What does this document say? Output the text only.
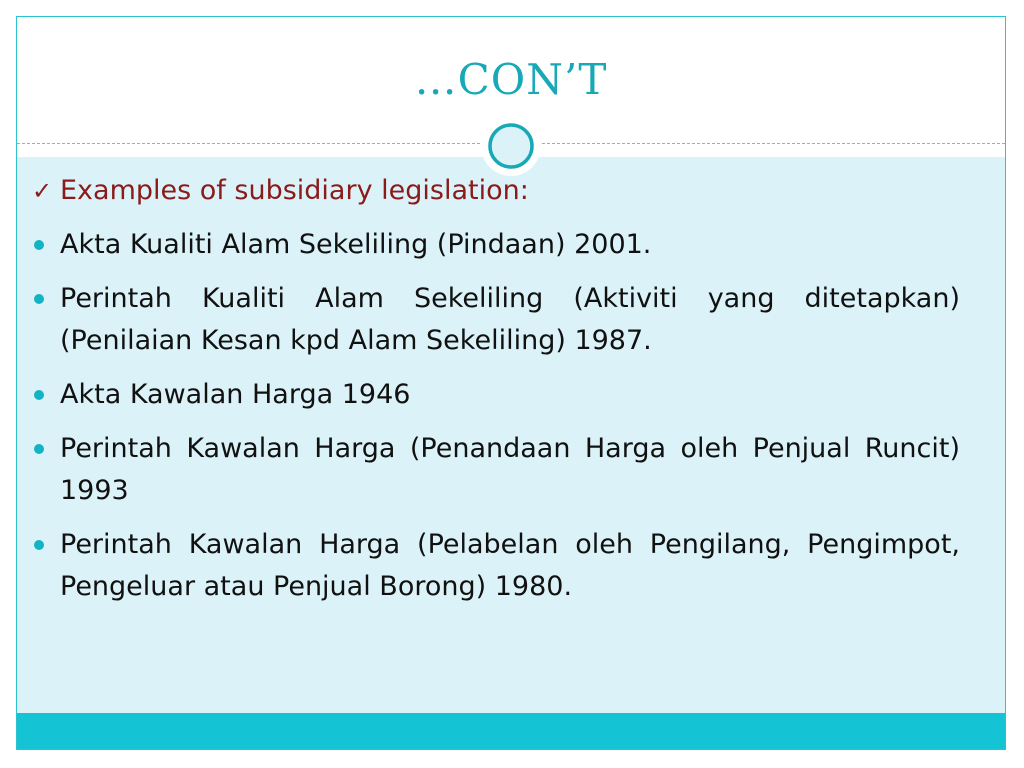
…CON’T
✓ Examples of subsidiary legislation:
Akta Kualiti Alam Sekeliling (Pindaan) 2001.
Perintah Kualiti Alam Sekeliling (Aktiviti yang ditetapkan) (Penilaian Kesan kpd Alam Sekeliling) 1987.
Akta Kawalan Harga 1946
Perintah Kawalan Harga (Penandaan Harga oleh Penjual Runcit) 1993
Perintah Kawalan Harga (Pelabelan oleh Pengilang, Pengimpot, Pengeluar atau Penjual Borong) 1980.
